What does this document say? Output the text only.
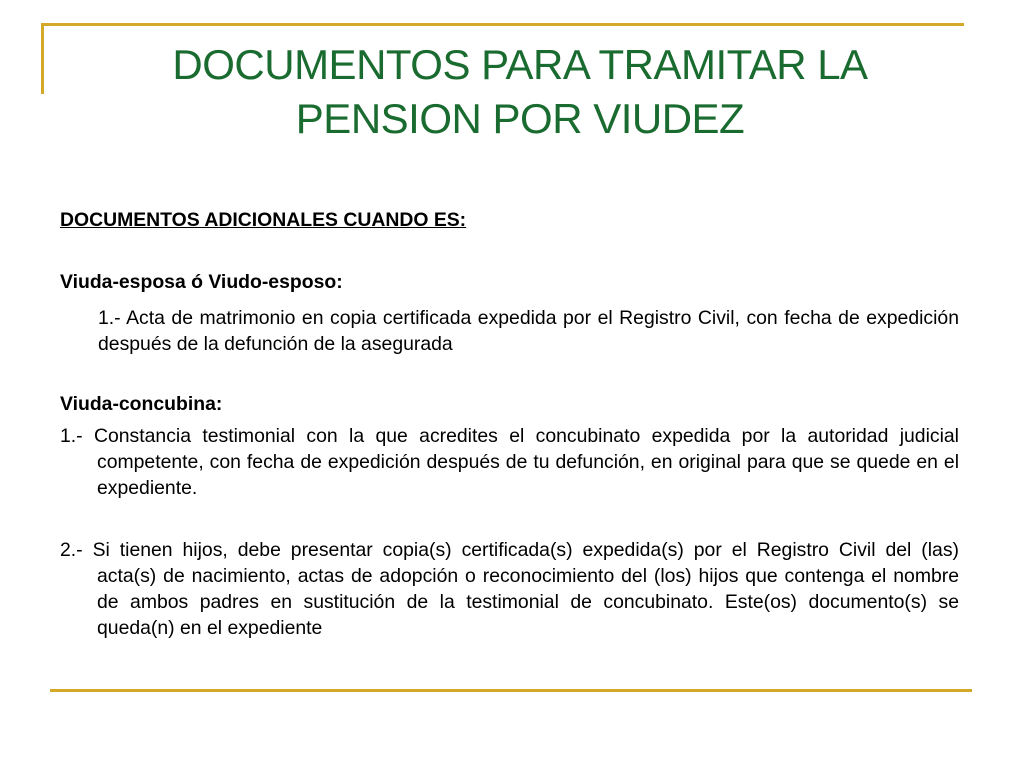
DOCUMENTOS PARA TRAMITAR LA PENSION POR VIUDEZ

DOCUMENTOS ADICIONALES CUANDO ES:

Viuda-esposa ó Viudo-esposo:

1.- Acta de matrimonio en copia certificada expedida por el Registro Civil, con fecha de expedición después de la defunción de la asegurada

Viuda-concubina:

1.- Constancia testimonial con la que acredites el concubinato expedida por la autoridad judicial competente, con fecha de expedición después de tu defunción, en original para que se quede en el expediente.

2.- Si tienen hijos, debe presentar copia(s) certificada(s) expedida(s) por el Registro Civil del (las) acta(s) de nacimiento, actas de adopción o reconocimiento del (los) hijos que contenga el nombre de ambos padres en sustitución de la testimonial de concubinato. Este(os) documento(s) se queda(n) en el expediente
